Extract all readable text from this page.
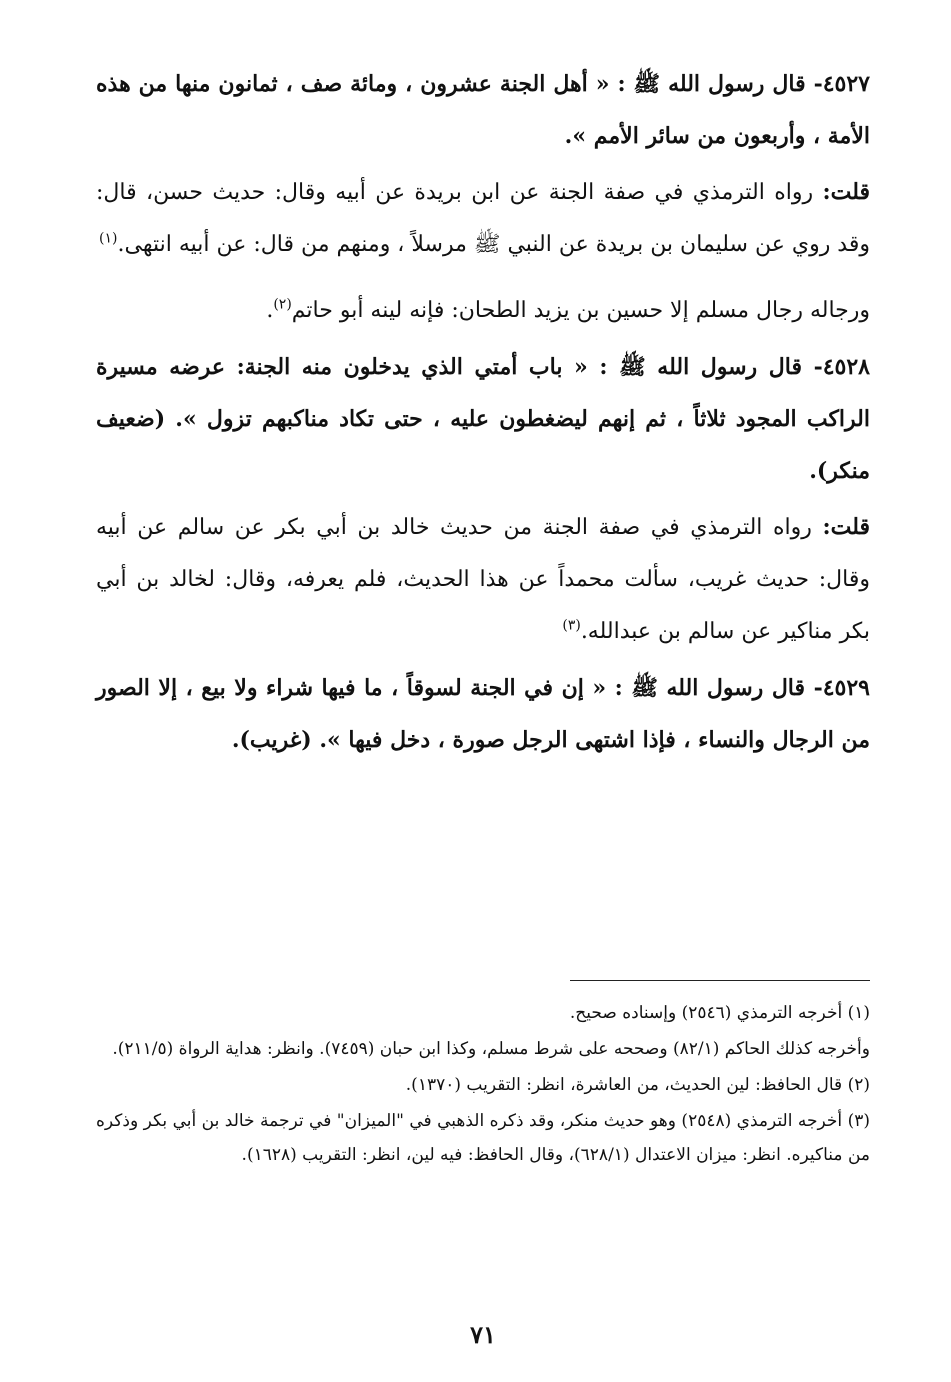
٤٥٢٧- قال رسول الله ﷺ : « أهل الجنة عشرون ، ومائة صف ، ثمانون منها من هذه الأمة ، وأربعون من سائر الأمم ».

قلت: رواه الترمذي في صفة الجنة عن ابن بريدة عن أبيه وقال: حديث حسن، قال: وقد روي عن سليمان بن بريدة عن النبي ﷺ مرسلاً ، ومنهم من قال: عن أبيه انتهى.$^{(١)}$

ورجاله رجال مسلم إلا حسين بن يزيد الطحان: فإنه لينه أبو حاتم$^{(٢)}$.

٤٥٢٨- قال رسول الله ﷺ : « باب أمتي الذي يدخلون منه الجنة: عرضه مسيرة الراكب المجود ثلاثاً ، ثم إنهم ليضغطون عليه ، حتى تكاد مناكبهم تزول ». (ضعيف منكر).

قلت: رواه الترمذي في صفة الجنة من حديث خالد بن أبي بكر عن سالم عن أبيه وقال: حديث غريب، سألت محمداً عن هذا الحديث، فلم يعرفه، وقال: لخالد بن أبي بكر مناكير عن سالم بن عبدالله.$^{(٣)}$

٤٥٢٩- قال رسول الله ﷺ : « إن في الجنة لسوقاً ، ما فيها شراء ولا بيع ، إلا الصور من الرجال والنساء ، فإذا اشتهى الرجل صورة ، دخل فيها ». (غريب).

(١) أخرجه الترمذي (٢٥٤٦) وإسناده صحيح.

وأخرجه كذلك الحاكم (٨٢/١) وصححه على شرط مسلم، وكذا ابن حبان (٧٤٥٩). وانظر: هداية الرواة (٢١١/٥).

(٢) قال الحافظ: لين الحديث، من العاشرة، انظر: التقريب (١٣٧٠).

(٣) أخرجه الترمذي (٢٥٤٨) وهو حديث منكر، وقد ذكره الذهبي في "الميزان" في ترجمة خالد بن أبي بكر وذكره من مناكيره. انظر: ميزان الاعتدال (٦٢٨/١)، وقال الحافظ: فيه لين، انظر: التقريب (١٦٢٨).

٧١
